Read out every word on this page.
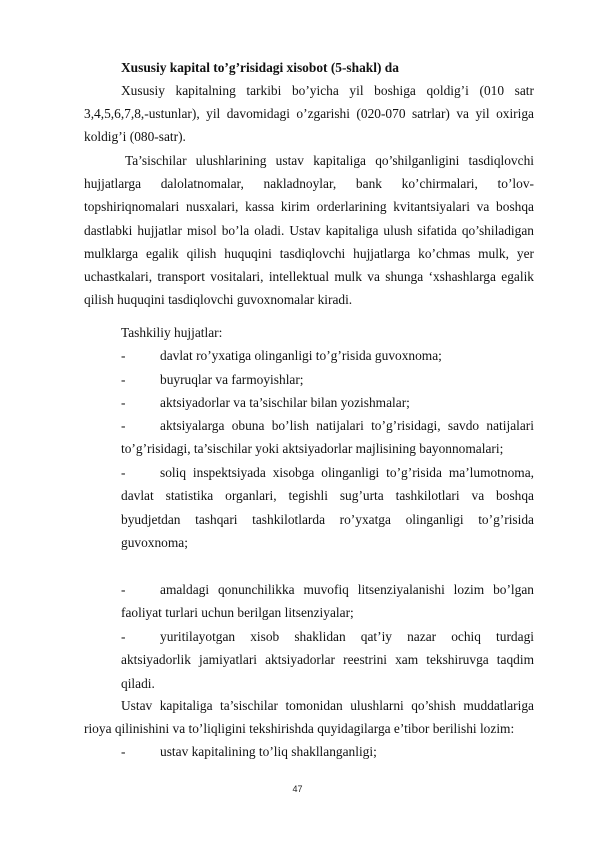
Xususiy kapital to’g’risidagi xisobot (5-shakl) da

Xususiy kapitalning tarkibi bo’yicha yil boshiga qoldig’i (010 satr 3,4,5,6,7,8,-ustunlar), yil davomidagi o’zgarishi (020-070 satrlar) va yil oxiriga koldig’i (080-satr).

Ta’sischilar ulushlarining ustav kapitaliga qo’shilganligini tasdiqlovchi hujjatlarga dalolatnomalar, nakladnoylar, bank ko’chirmalari, to’lov-topshiriqnomalari nusxalari, kassa kirim orderlarining kvitantsiyalari va boshqa dastlabki hujjatlar misol bo’la oladi. Ustav kapitaliga ulush sifatida qo’shiladigan mulklarga egalik qilish huquqini tasdiqlovchi hujjatlarga ko’chmas mulk, yer uchastkalari, transport vositalari, intellektual mulk va shunga ‘xshashlarga egalik qilish huquqini tasdiqlovchi guvoxnomalar kiradi.

Tashkiliy hujjatlar:

-	davlat ro’yxatiga olinganligi to’g’risida guvoxnoma;
-	buyruqlar va farmoyishlar;
-	aktsiyadorlar va ta’sischilar bilan yozishmalar;
-	aktsiyalarga obuna bo’lish natijalari to’g’risidagi, savdo natijalari to’g’risidagi, ta’sischilar yoki aktsiyadorlar majlisining bayonnomalari;
-	soliq inspektsiyada xisobga olinganligi to’g’risida ma’lumotnoma, davlat statistika organlari, tegishli sug’urta tashkilotlari va boshqa byudjetdan tashqari tashkilotlarda ro’yxatga olinganligi to’g’risida guvoxnoma;
-	amaldagi qonunchilikka muvofiq litsenziyalanishi lozim bo’lgan faoliyat turlari uchun berilgan litsenziyalar;
-	yuritilayotgan xisob shaklidan qat’iy nazar ochiq turdagi aktsiyadorlik jamiyatlari aktsiyadorlar reestrini xam tekshiruvga taqdim qiladi.

Ustav kapitaliga ta’sischilar tomonidan ulushlarni qo’shish muddatlariga rioya qilinishini va to’liqligini tekshirishda quyidagilarga e’tibor berilishi lozim:

-	ustav kapitalining to’liq shakllanganligi;
47
